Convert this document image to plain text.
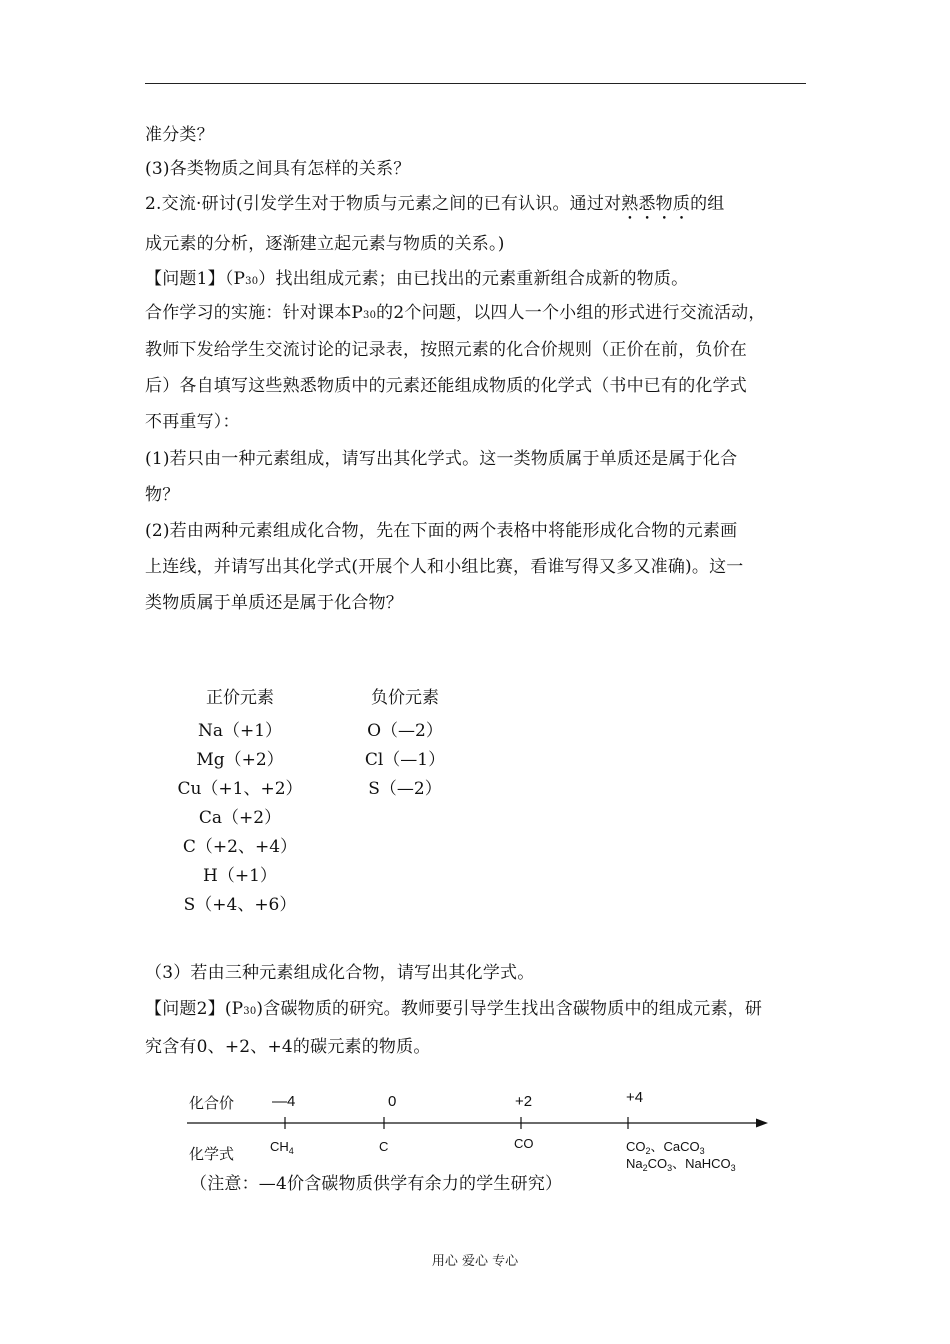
准分类？
(3)各类物质之间具有怎样的关系？
2.交流·研讨(引发学生对于物质与元素之间的已有认识。通过对熟悉物质的组
成元素的分析，逐渐建立起元素与物质的关系。)
【问题1】（P30）找出组成元素；由已找出的元素重新组合成新的物质。
合作学习的实施：针对课本P30的2个问题，以四人一个小组的形式进行交流活动，
教师下发给学生交流讨论的记录表，按照元素的化合价规则（正价在前，负价在
后）各自填写这些熟悉物质中的元素还能组成物质的化学式（书中已有的化学式
不再重写）：
(1)若只由一种元素组成，请写出其化学式。这一类物质属于单质还是属于化合
物？
(2)若由两种元素组成化合物，先在下面的两个表格中将能形成化合物的元素画
上连线，并请写出其化学式(开展个人和小组比赛，看谁写得又多又准确)。这一
类物质属于单质还是属于化合物？
正价元素
Na（+1）
Mg（+2）
Cu（+1、+2）
Ca（+2）
C（+2、+4）
H（+1）
S（+4、+6）
负价元素
O（—2）
Cl（—1）
S（—2）
（3）若由三种元素组成化合物，请写出其化学式。
【问题2】(P30)含碳物质的研究。教师要引导学生找出含碳物质中的组成元素，研
究含有0、+2、+4的碳元素的物质。
化合价
化学式
—4	0	+2	+4
$CH_4$	C	CO	$CO_2$、CaCO$_3$
$Na_2CO_3$、NaHCO$_3$
（注意：—4价含碳物质供学有余力的学生研究）
用心 爱心 专心
